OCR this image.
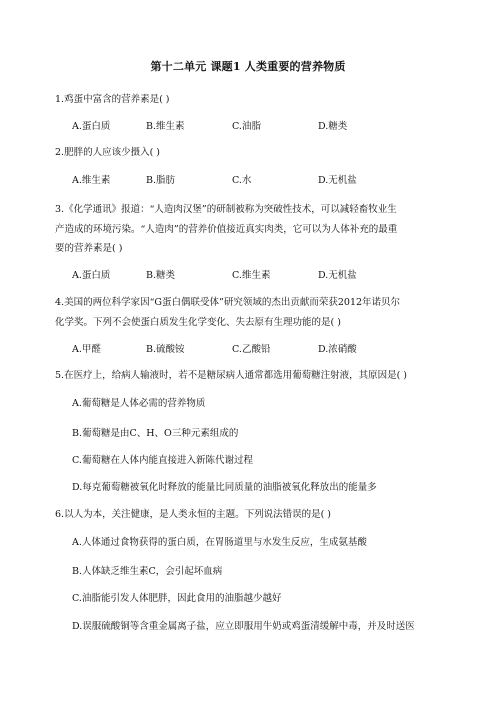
第十二单元 课题1 人类重要的营养物质
1.鸡蛋中富含的营养素是( )
A.蛋白质	B.维生素	C.油脂	D.糖类
2.肥胖的人应该少摄入( )
A.维生素	B.脂肪	C.水	D.无机盐
3.《化学通讯》报道：“人造肉汉堡”的研制被称为突破性技术，可以减轻畜牧业生
产造成的环境污染。“人造肉”的营养价值接近真实肉类，它可以为人体补充的最重
要的营养素是( )
A.蛋白质	B.糖类	C.维生素	D.无机盐
4.美国的两位科学家因“G蛋白偶联受体”研究领域的杰出贡献而荣获2012年诺贝尔
化学奖。下列不会使蛋白质发生化学变化、失去原有生理功能的是( )
A.甲醛	B.硫酸铵	C.乙酸铅	D.浓硝酸
5.在医疗上，给病人输液时，若不是糖尿病人通常都选用葡萄糖注射液，其原因是( )
A.葡萄糖是人体必需的营养物质
B.葡萄糖是由C、H、O三种元素组成的
C.葡萄糖在人体内能直接进入新陈代谢过程
D.每克葡萄糖被氧化时释放的能量比同质量的油脂被氧化释放出的能量多
6.以人为本，关注健康，是人类永恒的主题。下列说法错误的是( )
A.人体通过食物获得的蛋白质，在胃肠道里与水发生反应，生成氨基酸
B.人体缺乏维生素C，会引起坏血病
C.油脂能引发人体肥胖，因此食用的油脂越少越好
D.误服硫酸铜等含重金属离子盐，应立即服用牛奶或鸡蛋清缓解中毒，并及时送医
